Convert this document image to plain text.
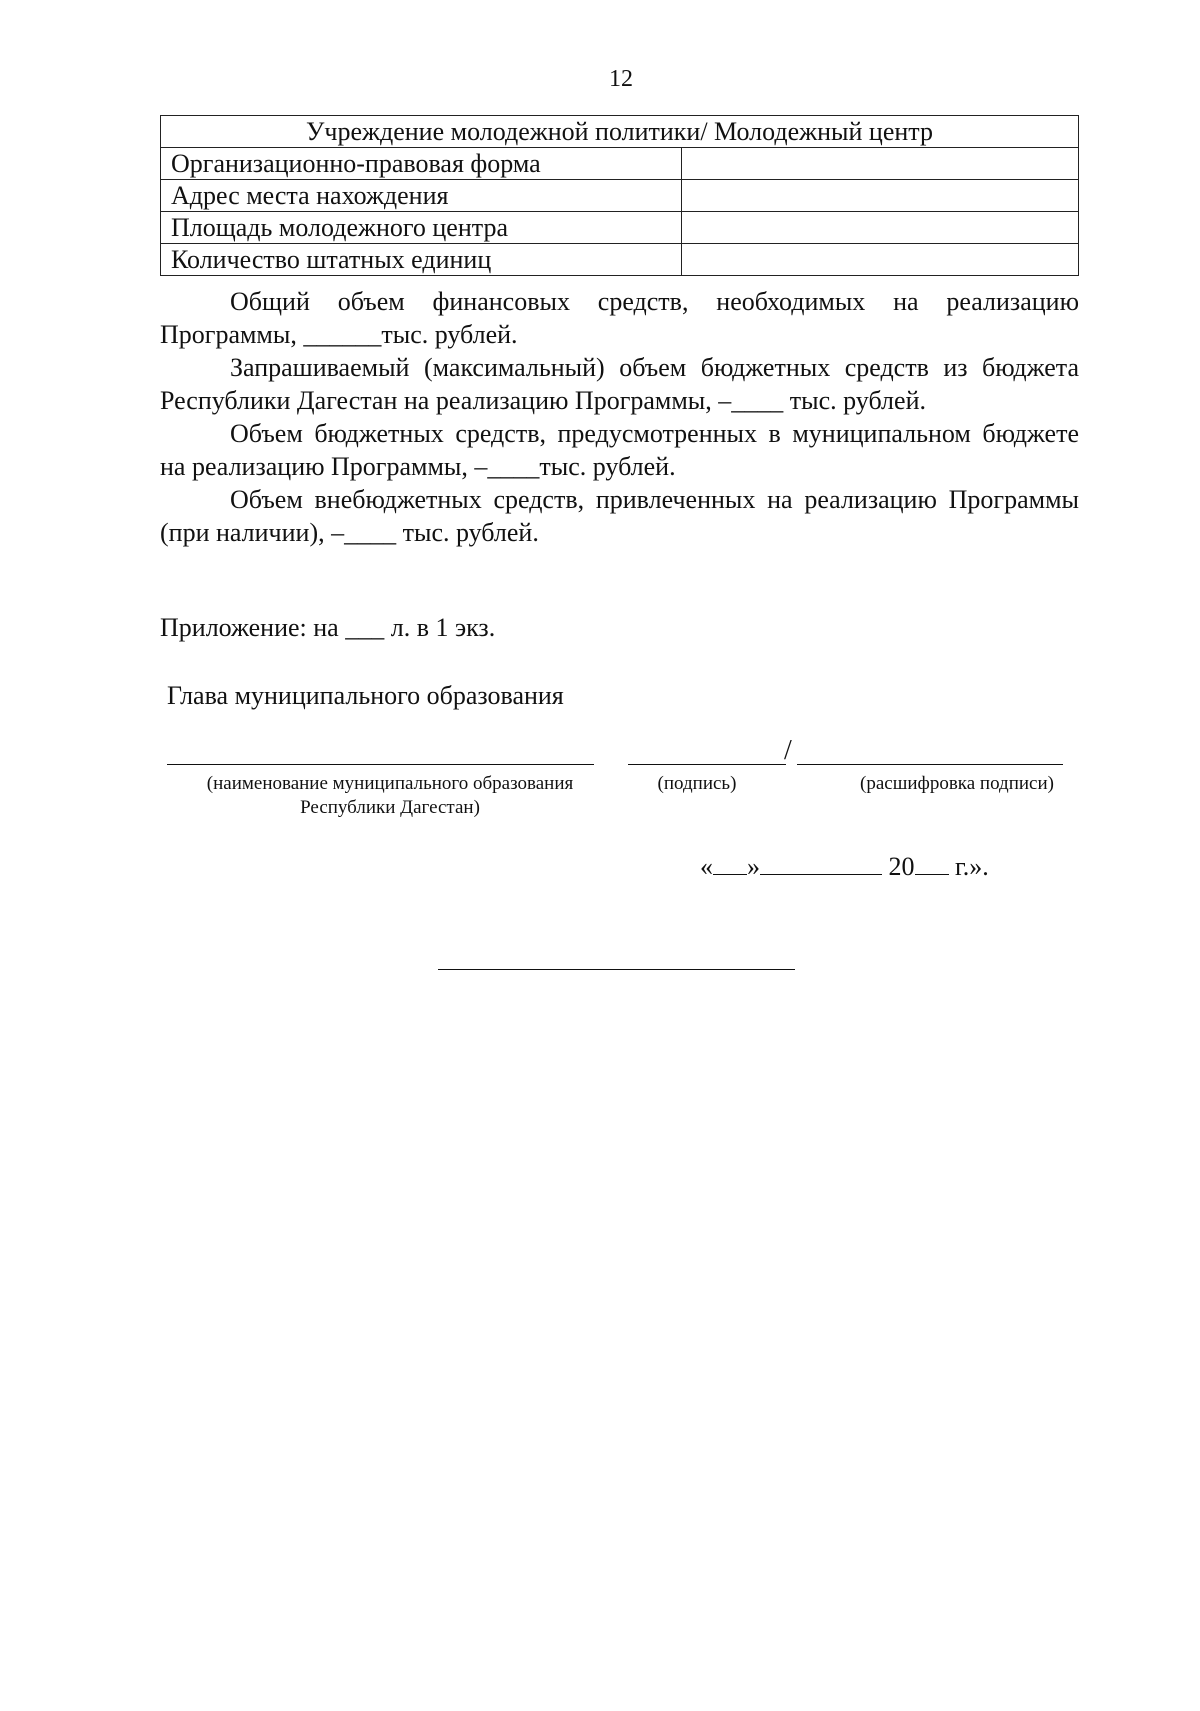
12
Учреждение молодежной политики/ Молодежный центр	
Организационно-правовая форма	
Адрес места нахождения	
Площадь молодежного центра	
Количество штатных единиц	

Общий объем финансовых средств, необходимых на реализацию Программы, ______тыс. рублей.

Запрашиваемый (максимальный) объем бюджетных средств из бюджета Республики Дагестан на реализацию Программы, –____ тыс. рублей.

Объем бюджетных средств, предусмотренных в муниципальном бюджете на реализацию Программы, –____тыс. рублей.

Объем внебюджетных средств, привлеченных на реализацию Программы (при наличии), –____ тыс. рублей.

Приложение: на ___ л. в 1 экз.
Глава муниципального образования
/
(наименование муниципального образования Республики Дагестан)
(подпись)	(расшифровка подписи)
« »	20 г.».
